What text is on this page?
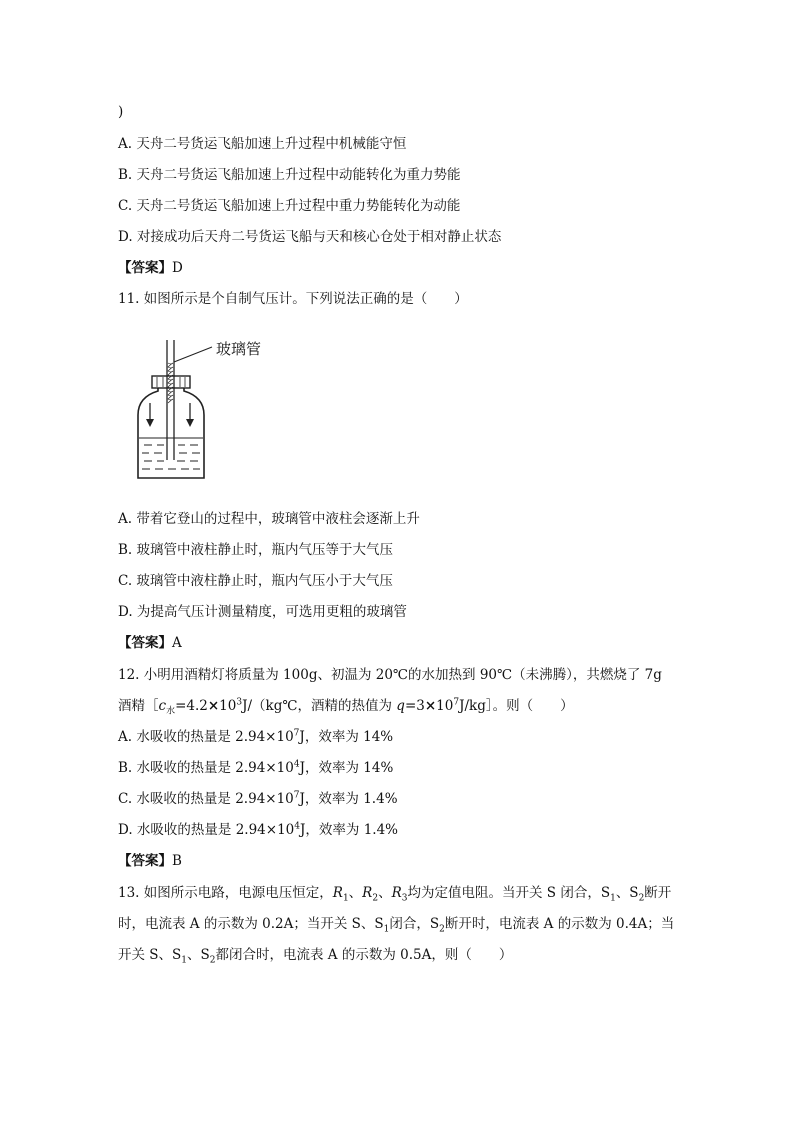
)
A. 天舟二号货运飞船加速上升过程中机械能守恒
B. 天舟二号货运飞船加速上升过程中动能转化为重力势能
C. 天舟二号货运飞船加速上升过程中重力势能转化为动能
D. 对接成功后天舟二号货运飞船与天和核心仓处于相对静止状态
【答案】D
11. 如图所示是个自制气压计。下列说法正确的是（　　）
玻璃管
A. 带着它登山的过程中，玻璃管中液柱会逐渐上升
B. 玻璃管中液柱静止时，瓶内气压等于大气压
C. 玻璃管中液柱静止时，瓶内气压小于大气压
D. 为提高气压计测量精度，可选用更粗的玻璃管
【答案】A
12. 小明用酒精灯将质量为 100g、初温为 20℃的水加热到 90℃（未沸腾），共燃烧了 7g
酒精$[c_水=4.2\times 10^3J/(kg℃$，酒精的热值为 $q=3\times 10^7J/kg]$。则（　　）
A. 水吸收的热量是 $2.94\times 10^7J$，效率为 14%
B. 水吸收的热量是 $2.94\times 10^4J$，效率为 14%
C. 水吸收的热量是 $2.94\times 10^7J$，效率为 1.4%
D. 水吸收的热量是 $2.94\times 10^4J$，效率为 1.4%
【答案】B
13. 如图所示电路，电源电压恒定，$R_1$、$R_2$、$R_3$均为定值电阻。当开关 S 闭合，$S_1$、$S_2$断开
时，电流表 A 的示数为 0.2A；当开关 S、$S_1$闭合，$S_2$断开时，电流表 A 的示数为 0.4A；当
开关 S、$S_1$、$S_2$都闭合时，电流表 A 的示数为 0.5A，则（　　）
